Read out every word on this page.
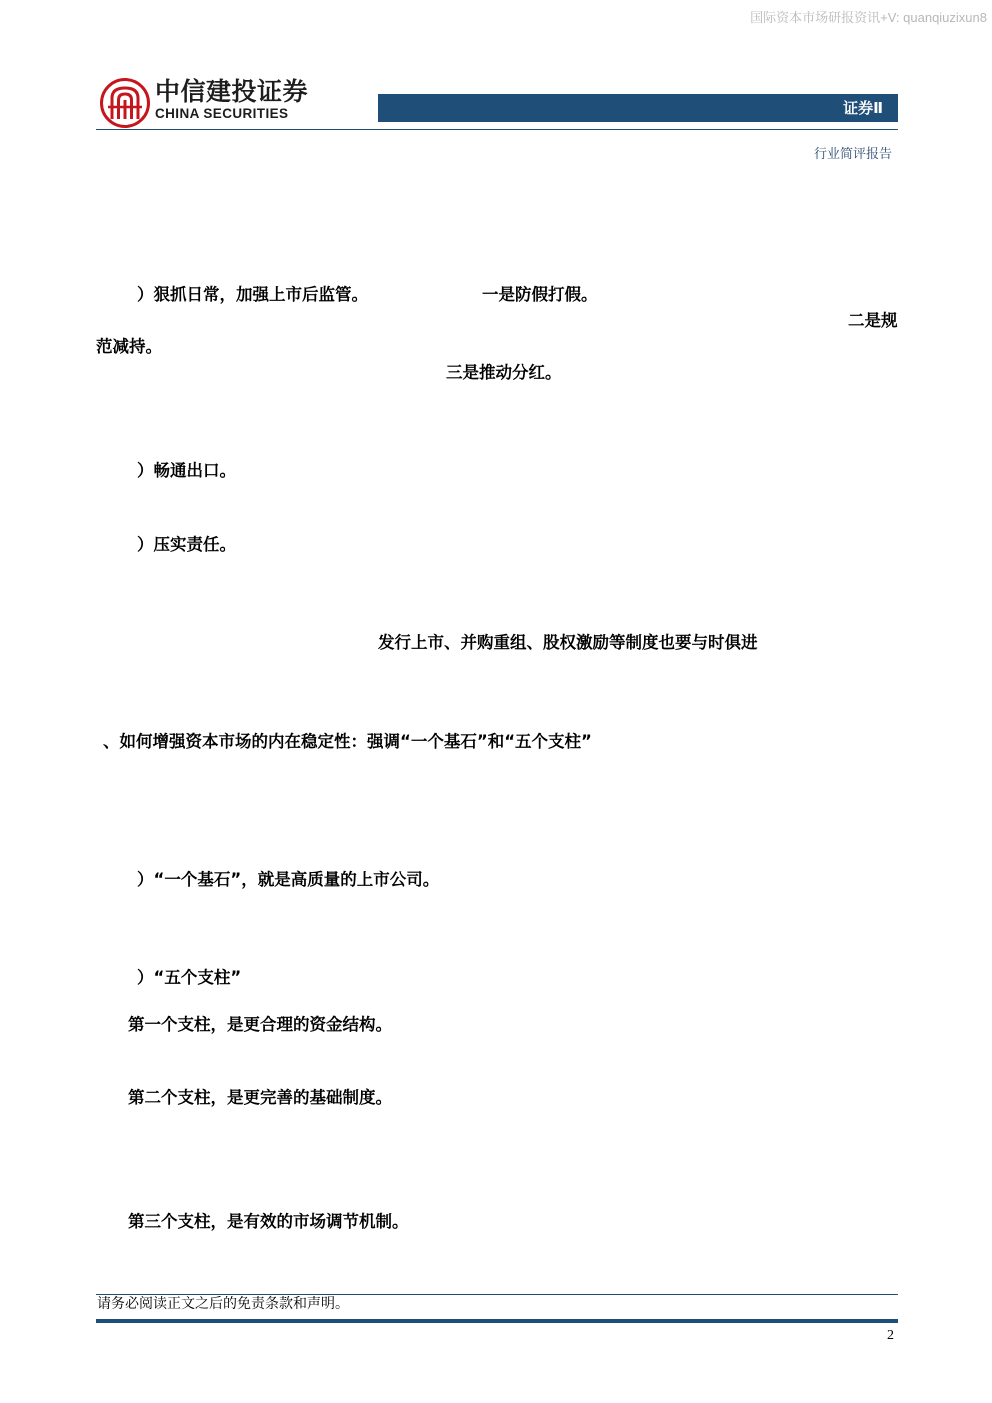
国际资本市场研报资讯+V: quanqiuzixun8
中信建投证券
CHINA SECURITIES	证券Ⅱ
行业简评报告
）狠抓日常，加强上市后监管。	一是防假打假。
二是规
范减持。
三是推动分红。
）畅通出口。
）压实责任。
发行上市、并购重组、股权激励等制度也要与时俱进
、如何增强资本市场的内在稳定性：强调“一个基石”和“五个支柱”
）“一个基石”，就是高质量的上市公司。
）“五个支柱”
第一个支柱，是更合理的资金结构。
第二个支柱，是更完善的基础制度。
第三个支柱，是有效的市场调节机制。
请务必阅读正文之后的免责条款和声明。
2
